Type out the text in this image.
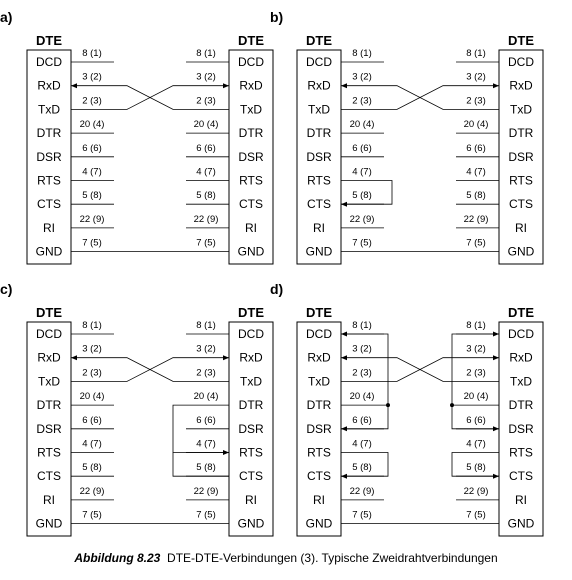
a)
DTE	DTE
DCD	DCD
8 (1)	8 (1)
RxD	RxD
3 (2)	3 (2)
TxD	TxD
2 (3)	2 (3)
DTR	DTR
20 (4)	20 (4)
DSR	DSR
6 (6)	6 (6)
RTS	RTS
4 (7)	4 (7)
CTS	CTS
5 (8)	5 (8)
RI	RI
22 (9)	22 (9)
GND	GND
7 (5)	7 (5)
b)
DTE	DTE
DCD	DCD
8 (1)	8 (1)
RxD	RxD
3 (2)	3 (2)
TxD	TxD
2 (3)	2 (3)
DTR	DTR
20 (4)	20 (4)
DSR	DSR
6 (6)	6 (6)
RTS	RTS
4 (7)	4 (7)
CTS	CTS
5 (8)	5 (8)
RI	RI
22 (9)	22 (9)
GND	GND
7 (5)	7 (5)
c)
DTE	DTE
DCD	DCD
8 (1)	8 (1)
RxD	RxD
3 (2)	3 (2)
TxD	TxD
2 (3)	2 (3)
DTR	DTR
20 (4)	20 (4)
DSR	DSR
6 (6)	6 (6)
RTS	RTS
4 (7)	4 (7)
CTS	CTS
5 (8)	5 (8)
RI	RI
22 (9)	22 (9)
GND	GND
7 (5)	7 (5)
d)
DTE	DTE
DCD	DCD
8 (1)	8 (1)
RxD	RxD
3 (2)	3 (2)
TxD	TxD
2 (3)	2 (3)
DTR	DTR
20 (4)	20 (4)
DSR	DSR
6 (6)	6 (6)
RTS	RTS
4 (7)	4 (7)
CTS	CTS
5 (8)	5 (8)
RI	RI
22 (9)	22 (9)
GND	GND
7 (5)	7 (5)
Abbildung 8.23 DTE-DTE-Verbindungen (3). Typische Zweidrahtverbindungen
